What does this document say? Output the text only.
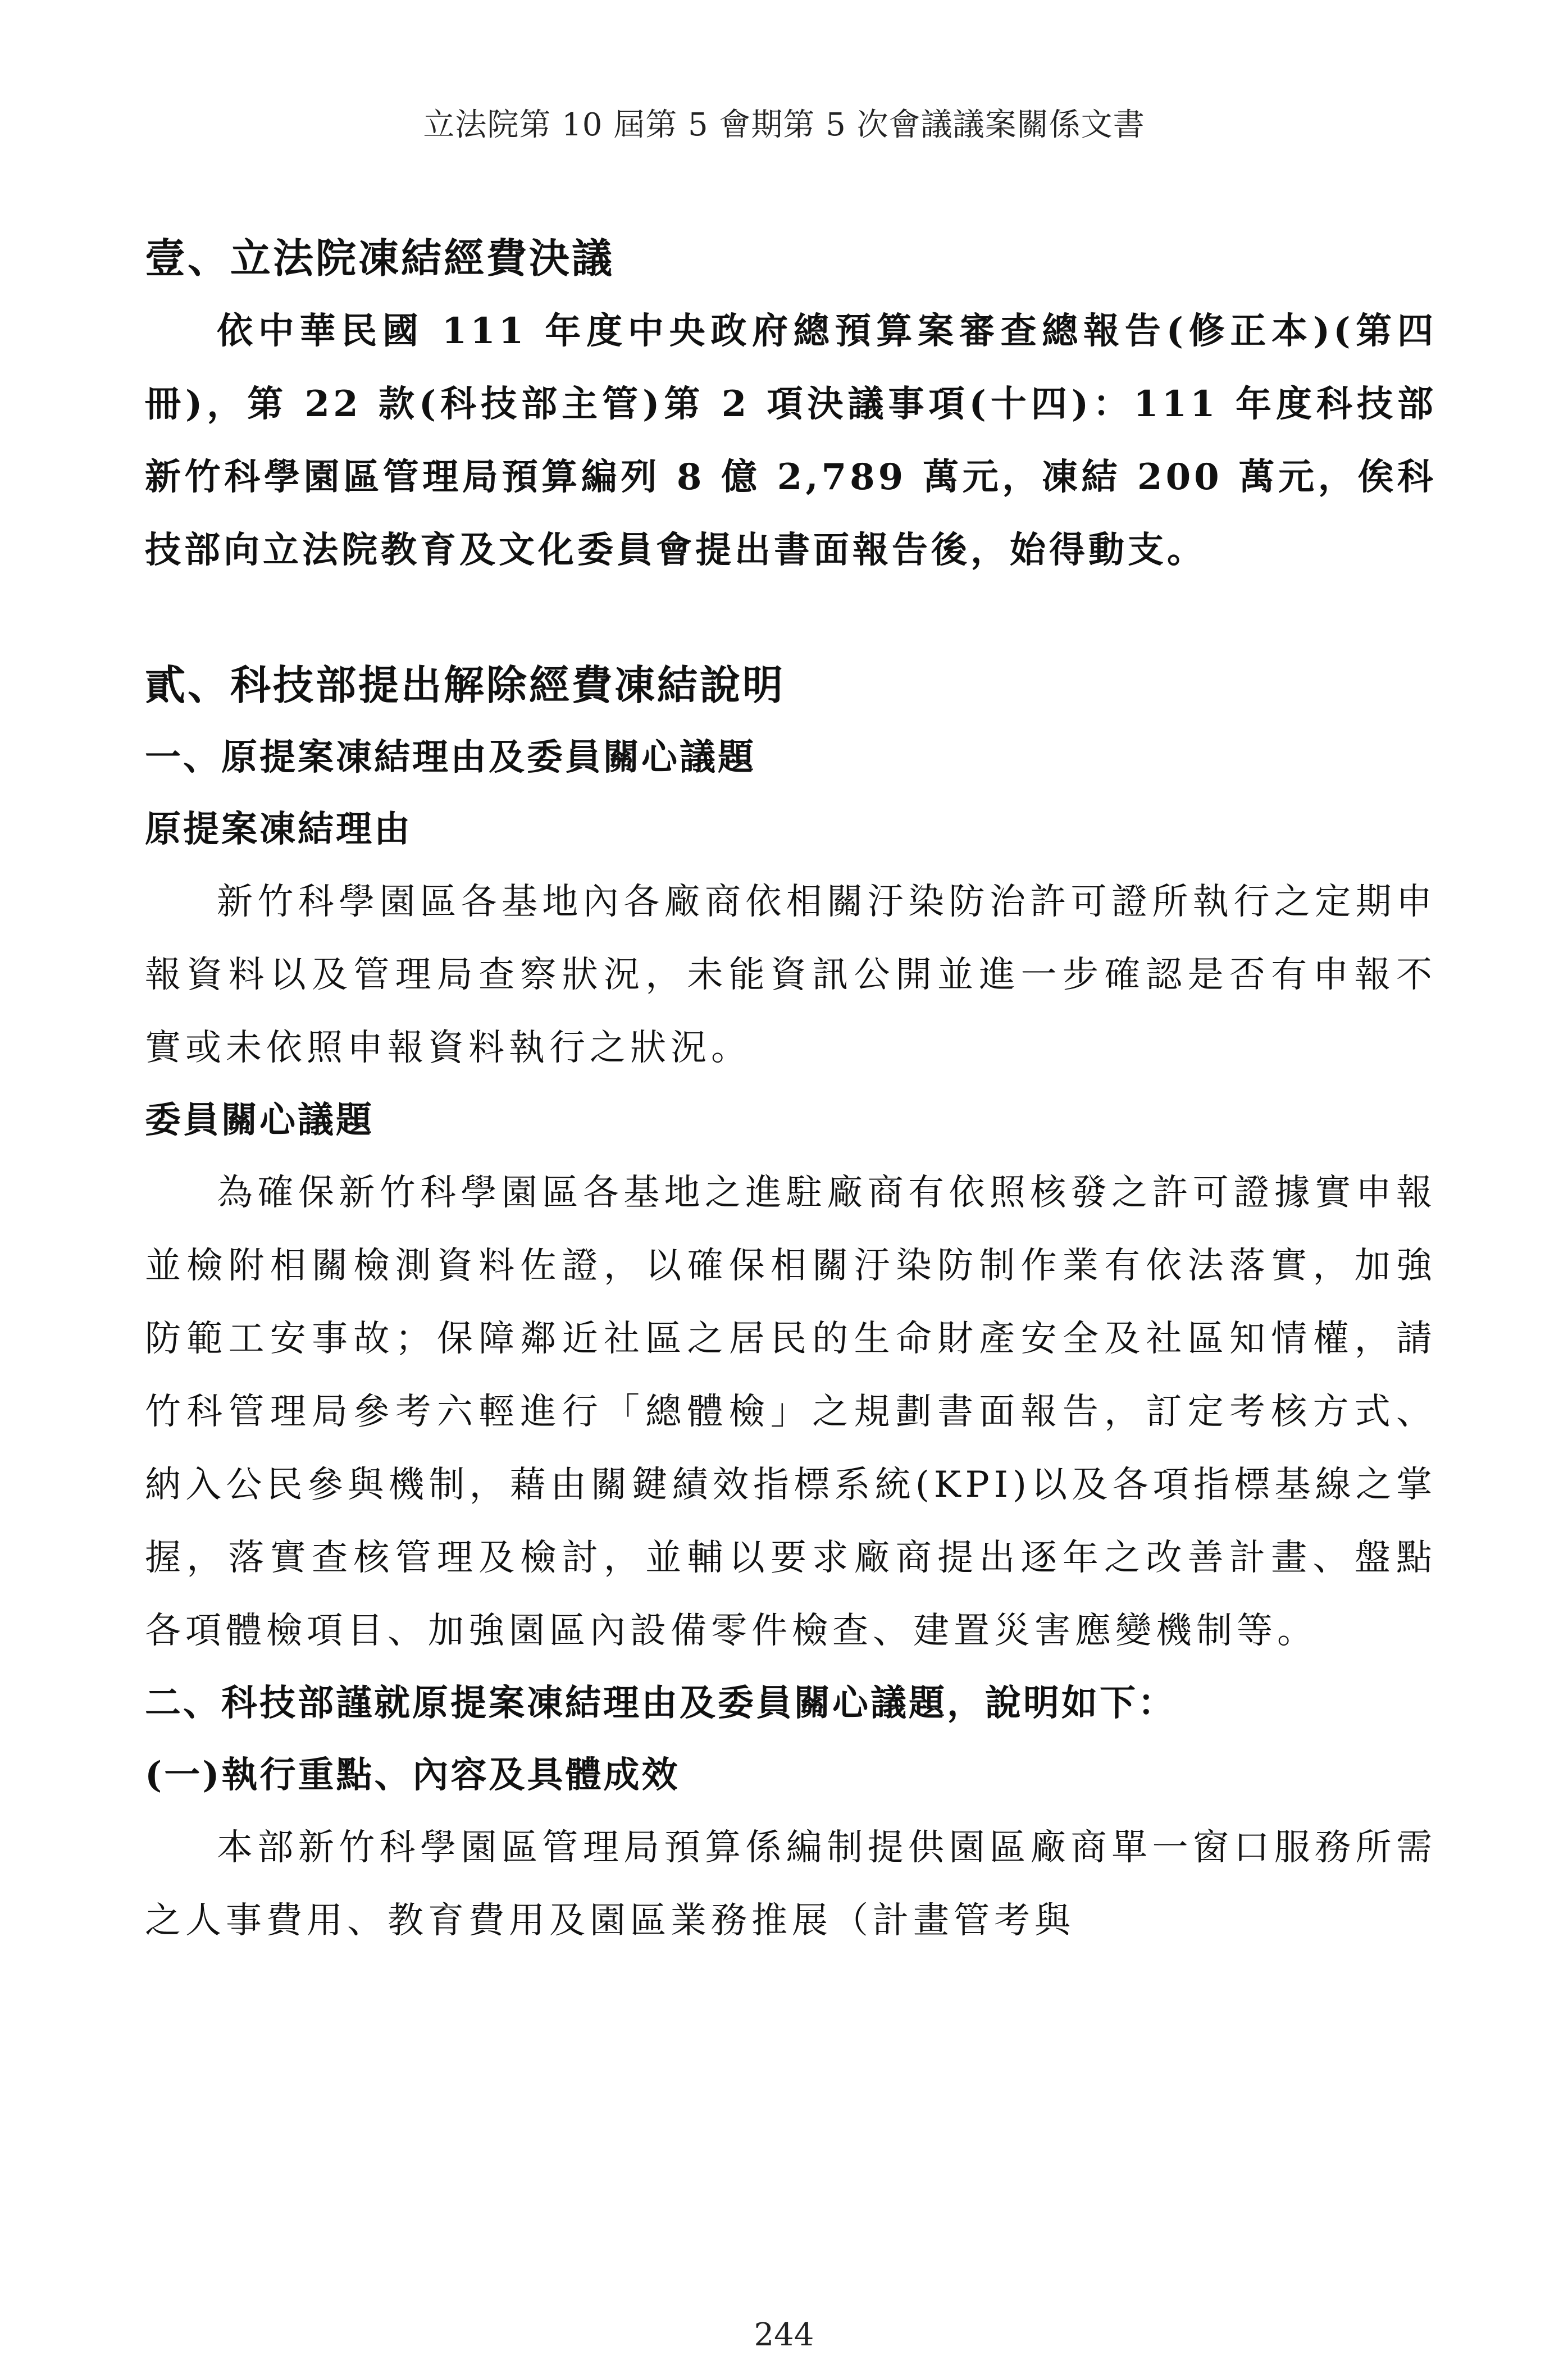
立法院第 10 屆第 5 會期第 5 次會議議案關係文書
壹、立法院凍結經費決議
依中華民國 111 年度中央政府總預算案審查總報告(修正本)(第四冊)，第 22 款(科技部主管)第 2 項決議事項(十四)：111 年度科技部新竹科學園區管理局預算編列 8 億 2,789 萬元，凍結 200 萬元，俟科技部向立法院教育及文化委員會提出書面報告後，始得動支。
貳、科技部提出解除經費凍結說明
一、原提案凍結理由及委員關心議題
原提案凍結理由
新竹科學園區各基地內各廠商依相關汙染防治許可證所執行之定期申報資料以及管理局查察狀況，未能資訊公開並進一步確認是否有申報不實或未依照申報資料執行之狀況。
委員關心議題
為確保新竹科學園區各基地之進駐廠商有依照核發之許可證據實申報並檢附相關檢測資料佐證，以確保相關汙染防制作業有依法落實，加強防範工安事故；保障鄰近社區之居民的生命財產安全及社區知情權，請竹科管理局參考六輕進行「總體檢」之規劃書面報告，訂定考核方式、納入公民參與機制，藉由關鍵績效指標系統(KPI)以及各項指標基線之掌握，落實查核管理及檢討，並輔以要求廠商提出逐年之改善計畫、盤點各項體檢項目、加強園區內設備零件檢查、建置災害應變機制等。
二、科技部謹就原提案凍結理由及委員關心議題，說明如下：
(一)執行重點、內容及具體成效
本部新竹科學園區管理局預算係編制提供園區廠商單一窗口服務所需之人事費用、教育費用及園區業務推展（計畫管考與
244
